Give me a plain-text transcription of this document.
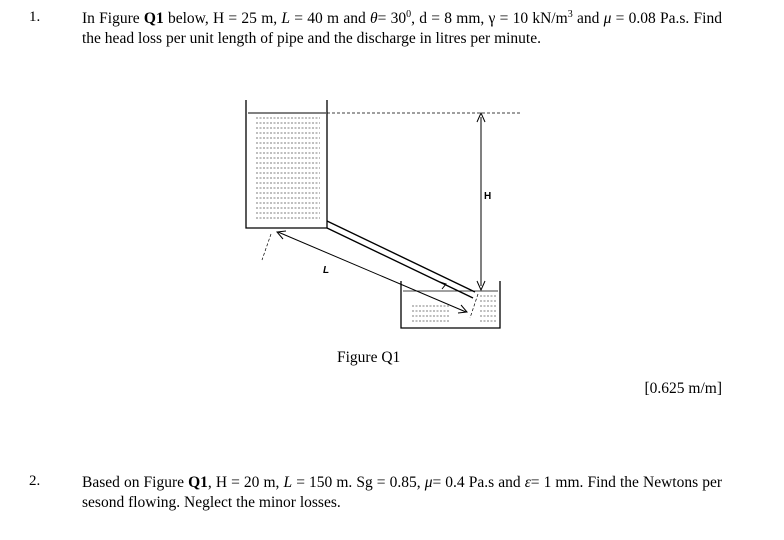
1.	In Figure Q1 below, H = 25 m, L = 40 m and $\theta= 30^0$, d = 8 mm, γ = 10 $kN/m^3$ and μ = 0.08 Pa.s. Find the head loss per unit length of pipe and the discharge in litres per minute.
H
L
Figure Q1
[0.625 m/m]
2.	Based on Figure Q1, H = 20 m, L = 150 m. Sg = 0.85, μ= 0.4 Pa.s and ε= 1 mm. Find the Newtons per sesond flowing. Neglect the minor losses.
